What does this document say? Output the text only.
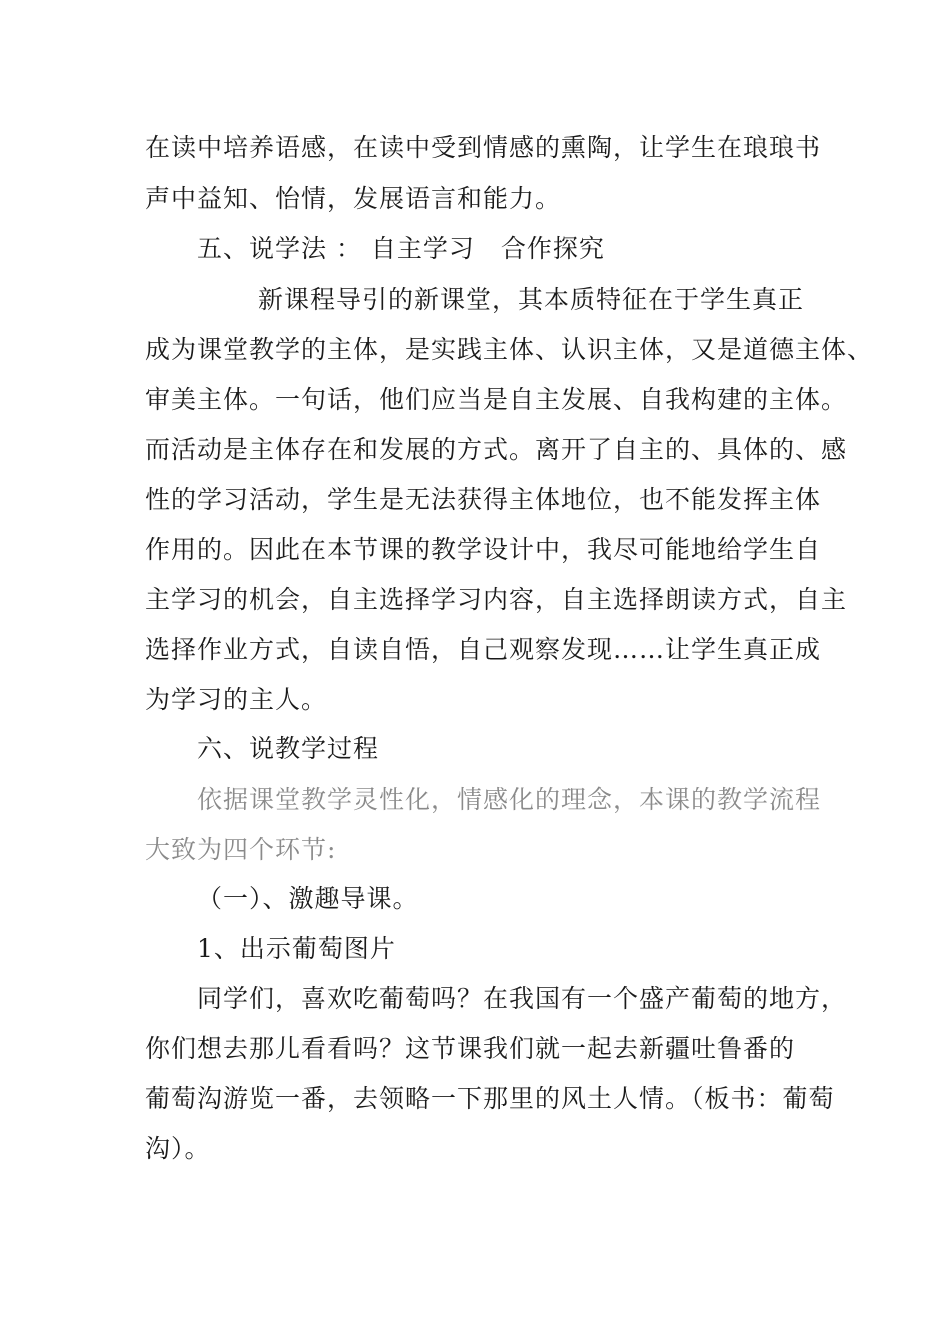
在读中培养语感，在读中受到情感的熏陶，让学生在琅琅书
声中益知、怡情，发展语言和能力。
五、说学法 ： 自主学习　合作探究
新课程导引的新课堂，其本质特征在于学生真正
成为课堂教学的主体，是实践主体、认识主体，又是道德主体、
审美主体。一句话，他们应当是自主发展、自我构建的主体。
而活动是主体存在和发展的方式。离开了自主的、具体的、感
性的学习活动，学生是无法获得主体地位，也不能发挥主体
作用的。因此在本节课的教学设计中，我尽可能地给学生自
主学习的机会，自主选择学习内容，自主选择朗读方式，自主
选择作业方式，自读自悟，自己观察发现……让学生真正成
为学习的主人。
六、说教学过程
依据课堂教学灵性化，情感化的理念，本课的教学流程
大致为四个环节:
（一）、激趣导课。
1、出示葡萄图片
同学们，喜欢吃葡萄吗？在我国有一个盛产葡萄的地方，
你们想去那儿看看吗？这节课我们就一起去新疆吐鲁番的
葡萄沟游览一番，去领略一下那里的风土人情。（板书：葡萄
沟）。
